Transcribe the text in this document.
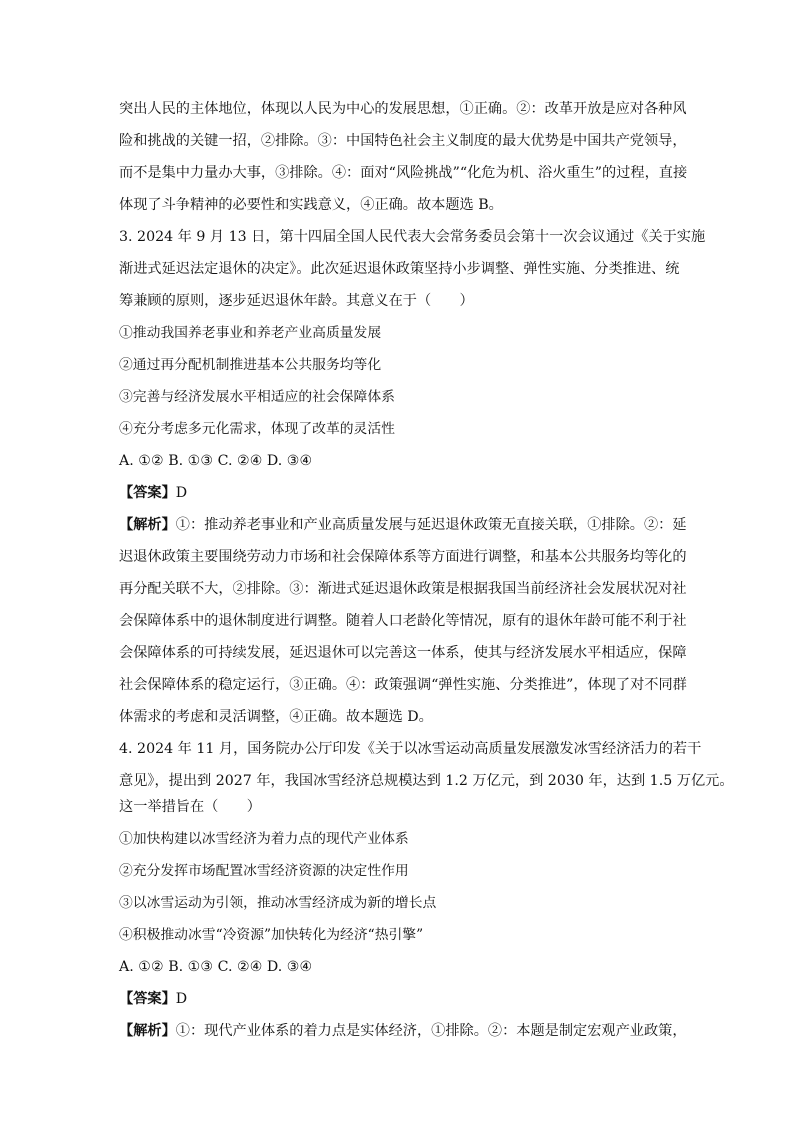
突出人民的主体地位，体现以人民为中心的发展思想，①正确。②：改革开放是应对各种风
险和挑战的关键一招，②排除。③：中国特色社会主义制度的最大优势是中国共产党领导，
而不是集中力量办大事，③排除。④：面对“风险挑战”“化危为机、浴火重生”的过程，直接
体现了斗争精神的必要性和实践意义，④正确。故本题选 B。
3. 2024 年 9 月 13 日，第十四届全国人民代表大会常务委员会第十一次会议通过《关于实施
渐进式延迟法定退休的决定》。此次延迟退休政策坚持小步调整、弹性实施、分类推进、统
筹兼顾的原则，逐步延迟退休年龄。其意义在于（　　）
①推动我国养老事业和养老产业高质量发展
②通过再分配机制推进基本公共服务均等化
③完善与经济发展水平相适应的社会保障体系
④充分考虑多元化需求，体现了改革的灵活性
A. ①② B. ①③ C. ②④ D. ③④
【答案】D
【解析】①：推动养老事业和产业高质量发展与延迟退休政策无直接关联，①排除。②：延
迟退休政策主要围绕劳动力市场和社会保障体系等方面进行调整，和基本公共服务均等化的
再分配关联不大，②排除。③：渐进式延迟退休政策是根据我国当前经济社会发展状况对社
会保障体系中的退休制度进行调整。随着人口老龄化等情况，原有的退休年龄可能不利于社
会保障体系的可持续发展，延迟退休可以完善这一体系，使其与经济发展水平相适应，保障
社会保障体系的稳定运行，③正确。④：政策强调“弹性实施、分类推进”，体现了对不同群
体需求的考虑和灵活调整，④正确。故本题选 D。
4. 2024 年 11 月，国务院办公厅印发《关于以冰雪运动高质量发展激发冰雪经济活力的若干
意见》，提出到 2027 年，我国冰雪经济总规模达到 1.2 万亿元，到 2030 年，达到 1.5 万亿元。
这一举措旨在（　　）
①加快构建以冰雪经济为着力点的现代产业体系
②充分发挥市场配置冰雪经济资源的决定性作用
③以冰雪运动为引领，推动冰雪经济成为新的增长点
④积极推动冰雪“冷资源”加快转化为经济“热引擎”
A. ①② B. ①③ C. ②④ D. ③④
【答案】D
【解析】①：现代产业体系的着力点是实体经济，①排除。②：本题是制定宏观产业政策，
